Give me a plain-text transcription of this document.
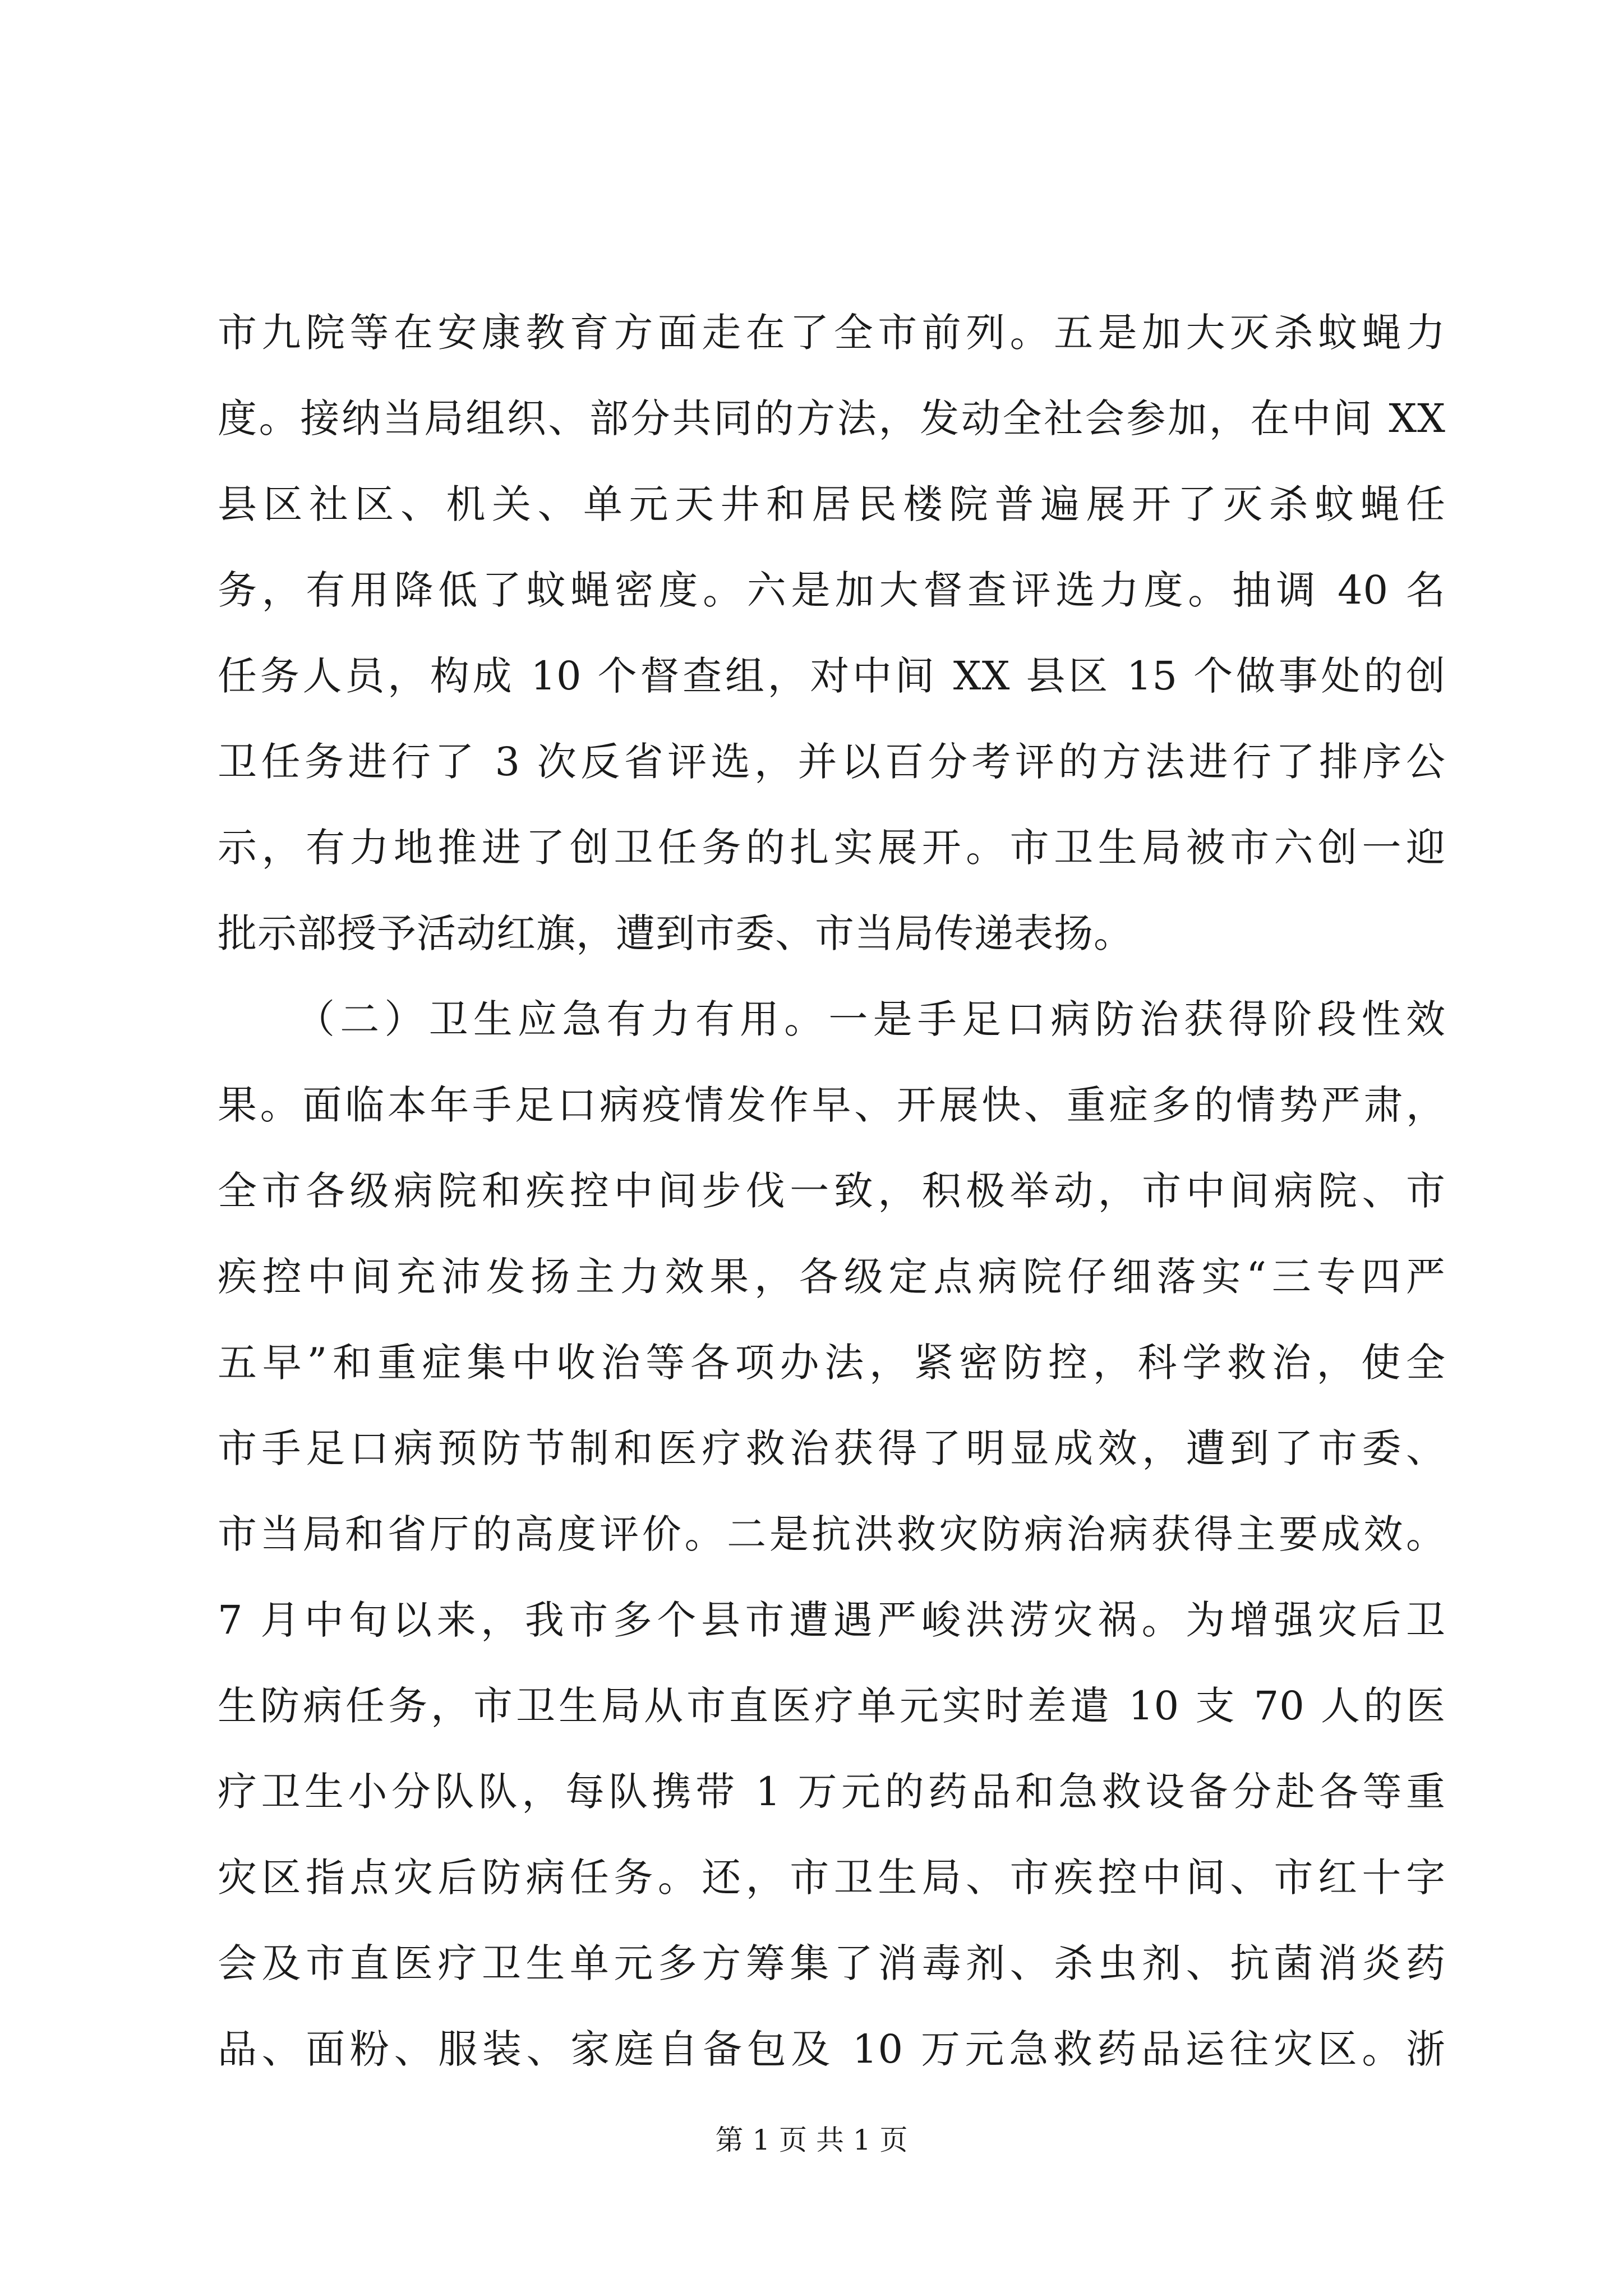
市九院等在安康教育方面走在了全市前列。五是加大灭杀蚊蝇力
度。接纳当局组织、部分共同的方法，发动全社会参加，在中间 XX
县区社区、机关、单元天井和居民楼院普遍展开了灭杀蚊蝇任
务，有用降低了蚊蝇密度。六是加大督查评选力度。抽调 40 名
任务人员，构成 10 个督查组，对中间 XX 县区 15 个做事处的创
卫任务进行了 3 次反省评选，并以百分考评的方法进行了排序公
示，有力地推进了创卫任务的扎实展开。市卫生局被市六创一迎
批示部授予活动红旗，遭到市委、市当局传递表扬。
（二）卫生应急有力有用。一是手足口病防治获得阶段性效
果。面临本年手足口病疫情发作早、开展快、重症多的情势严肃，
全市各级病院和疾控中间步伐一致，积极举动，市中间病院、市
疾控中间充沛发扬主力效果，各级定点病院仔细落实“三专四严
五早”和重症集中收治等各项办法，紧密防控，科学救治，使全
市手足口病预防节制和医疗救治获得了明显成效，遭到了市委、
市当局和省厅的高度评价。二是抗洪救灾防病治病获得主要成效。
7 月中旬以来，我市多个县市遭遇严峻洪涝灾祸。为增强灾后卫
生防病任务，市卫生局从市直医疗单元实时差遣 10 支 70 人的医
疗卫生小分队队，每队携带 1 万元的药品和急救设备分赴各等重
灾区指点灾后防病任务。还，市卫生局、市疾控中间、市红十字
会及市直医疗卫生单元多方筹集了消毒剂、杀虫剂、抗菌消炎药
品、面粉、服装、家庭自备包及 10 万元急救药品运往灾区。浙
第 1 页 共 1 页
